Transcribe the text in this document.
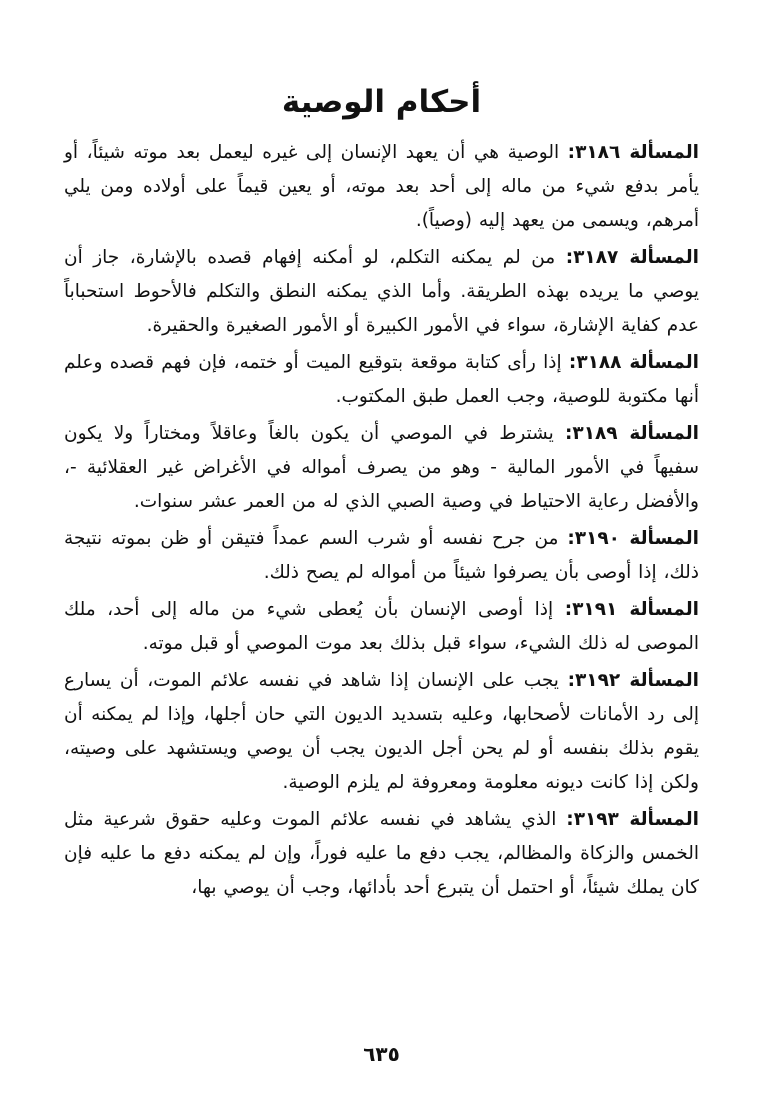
أحكام الوصية

المسألة ٣١٨٦: الوصية هي أن يعهد الإنسان إلى غيره ليعمل بعد موته شيئاً، أو يأمر بدفع شيء من ماله إلى أحد بعد موته، أو يعين قيماً على أولاده ومن يلي أمرهم، ويسمى من يعهد إليه (وصياً).

المسألة ٣١٨٧: من لم يمكنه التكلم، لو أمكنه إفهام قصده بالإشارة، جاز أن يوصي ما يريده بهذه الطريقة. وأما الذي يمكنه النطق والتكلم فالأحوط استحباباً عدم كفاية الإشارة، سواء في الأمور الكبيرة أو الأمور الصغيرة والحقيرة.

المسألة ٣١٨٨: إذا رأى كتابة موقعة بتوقيع الميت أو ختمه، فإن فهم قصده وعلم أنها مكتوبة للوصية، وجب العمل طبق المكتوب.

المسألة ٣١٨٩: يشترط في الموصي أن يكون بالغاً وعاقلاً ومختاراً ولا يكون سفيهاً في الأمور المالية - وهو من يصرف أمواله في الأغراض غير العقلائية -، والأفضل رعاية الاحتياط في وصية الصبي الذي له من العمر عشر سنوات.

المسألة ٣١٩٠: من جرح نفسه أو شرب السم عمداً فتيقن أو ظن بموته نتيجة ذلك، إذا أوصى بأن يصرفوا شيئاً من أمواله لم يصح ذلك.

المسألة ٣١٩١: إذا أوصى الإنسان بأن يُعطى شيء من ماله إلى أحد، ملك الموصى له ذلك الشيء، سواء قبل بذلك بعد موت الموصي أو قبل موته.

المسألة ٣١٩٢: يجب على الإنسان إذا شاهد في نفسه علائم الموت، أن يسارع إلى رد الأمانات لأصحابها، وعليه بتسديد الديون التي حان أجلها، وإذا لم يمكنه أن يقوم بذلك بنفسه أو لم يحن أجل الديون يجب أن يوصي ويستشهد على وصيته، ولكن إذا كانت ديونه معلومة ومعروفة لم يلزم الوصية.

المسألة ٣١٩٣: الذي يشاهد في نفسه علائم الموت وعليه حقوق شرعية مثل الخمس والزكاة والمظالم، يجب دفع ما عليه فوراً، وإن لم يمكنه دفع ما عليه فإن كان يملك شيئاً، أو احتمل أن يتبرع أحد بأدائها، وجب أن يوصي بها،

٦٣٥
